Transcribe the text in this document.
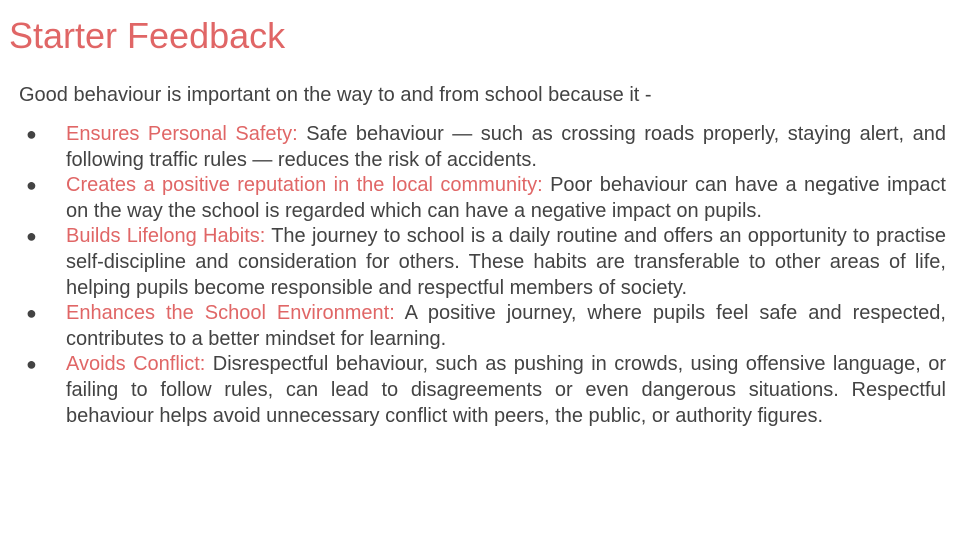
Starter Feedback

Good behaviour is important on the way to and from school because it -

● Ensures Personal Safety: Safe behaviour — such as crossing roads properly, staying alert, and following traffic rules — reduces the risk of accidents.
● Creates a positive reputation in the local community: Poor behaviour can have a negative impact on the way the school is regarded which can have a negative impact on pupils.
● Builds Lifelong Habits: The journey to school is a daily routine and offers an opportunity to practise self-discipline and consideration for others. These habits are transferable to other areas of life, helping pupils become responsible and respectful members of society.
● Enhances the School Environment: A positive journey, where pupils feel safe and respected, contributes to a better mindset for learning.
● Avoids Conflict: Disrespectful behaviour, such as pushing in crowds, using offensive language, or failing to follow rules, can lead to disagreements or even dangerous situations. Respectful behaviour helps avoid unnecessary conflict with peers, the public, or authority figures.
